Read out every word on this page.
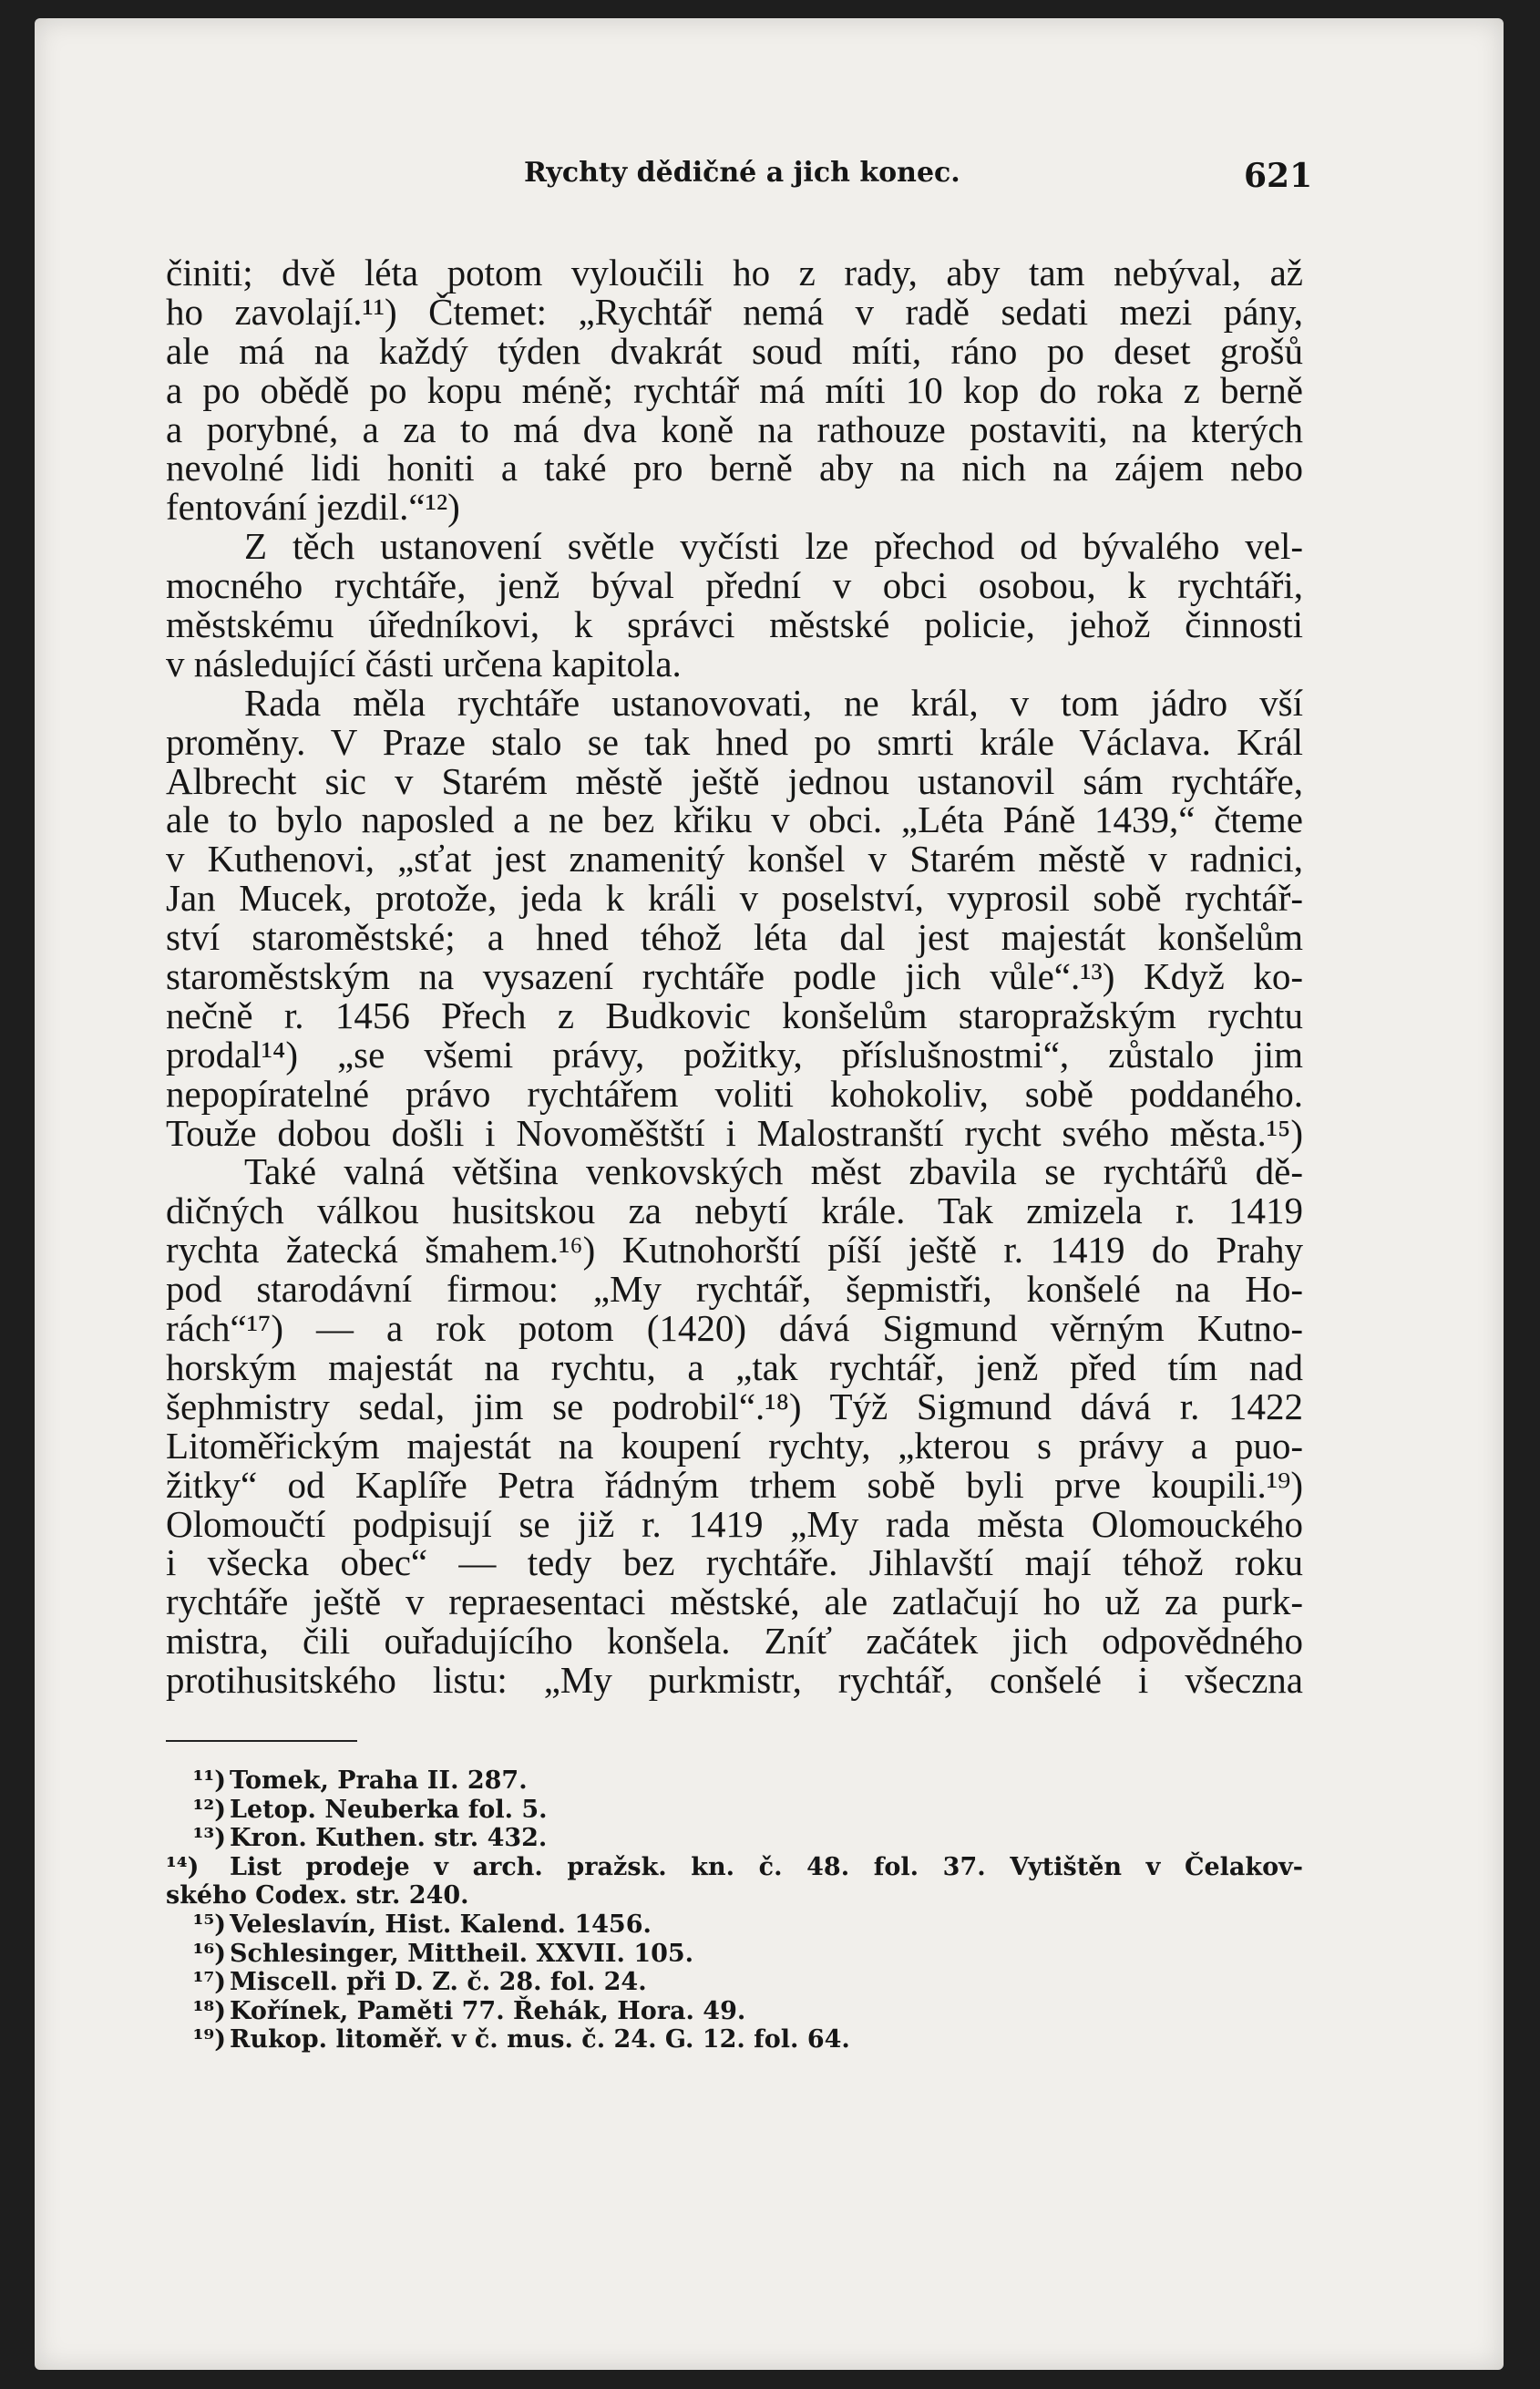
Rychty dědičné a jich konec.	621
činiti; dvě léta potom vyloučili ho z rady, aby tam nebýval, až
ho zavolají.¹¹) Čtemet: „Rychtář nemá v radě sedati mezi pány,
ale má na každý týden dvakrát soud míti, ráno po deset grošů
a po obědě po kopu méně; rychtář má míti 10 kop do roka z berně
a porybné, a za to má dva koně na rathouze postaviti, na kterých
nevolné lidi honiti a také pro berně aby na nich na zájem nebo
fentování jezdil.“¹²)
Z těch ustanovení světle vyčísti lze přechod od bývalého vel-
mocného rychtáře, jenž býval přední v obci osobou, k rychtáři,
městskému úředníkovi, k správci městské policie, jehož činnosti
v následující části určena kapitola.
Rada měla rychtáře ustanovovati, ne král, v tom jádro vší
proměny. V Praze stalo se tak hned po smrti krále Václava. Král
Albrecht sic v Starém městě ještě jednou ustanovil sám rychtáře,
ale to bylo naposled a ne bez křiku v obci. „Léta Páně 1439,“ čteme
v Kuthenovi, „sťat jest znamenitý konšel v Starém městě v radnici,
Jan Mucek, protože, jeda k králi v poselství, vyprosil sobě rychtář-
ství staroměstské; a hned téhož léta dal jest majestát konšelům
staroměstským na vysazení rychtáře podle jich vůle“.¹³) Když ko-
nečně r. 1456 Přech z Budkovic konšelům staropražským rychtu
prodal¹⁴) „se všemi právy, požitky, příslušnostmi“, zůstalo jim
nepopíratelné právo rychtářem voliti kohokoliv, sobě poddaného.
Touže dobou došli i Novoměštští i Malostranští rycht svého města.¹⁵)
Také valná většina venkovských měst zbavila se rychtářů dě-
dičných válkou husitskou za nebytí krále. Tak zmizela r. 1419
rychta žatecká šmahem.¹⁶) Kutnohorští píší ještě r. 1419 do Prahy
pod starodávní firmou: „My rychtář, šepmistři, konšelé na Ho-
rách“¹⁷) — a rok potom (1420) dává Sigmund věrným Kutno-
horským majestát na rychtu, a „tak rychtář, jenž před tím nad
šephmistry sedal, jim se podrobil“.¹⁸) Týž Sigmund dává r. 1422
Litoměřickým majestát na koupení rychty, „kterou s právy a puo-
žitky“ od Kaplíře Petra řádným trhem sobě byli prve koupili.¹⁹)
Olomoučtí podpisují se již r. 1419 „My rada města Olomouckého
i všecka obec“ — tedy bez rychtáře. Jihlavští mají téhož roku
rychtáře ještě v repraesentaci městské, ale zatlačují ho už za purk-
mistra, čili ouřadujícího konšela. Zníť začátek jich odpovědného
protihusitského listu: „My purkmistr, rychtář, conšelé i všeczna
¹¹) Tomek, Praha II. 287.
¹²) Letop. Neuberka fol. 5.
¹³) Kron. Kuthen. str. 432.
¹⁴) List prodeje v arch. pražsk. kn. č. 48. fol. 37. Vytištěn v Čelakov-
ského Codex. str. 240.
¹⁵) Veleslavín, Hist. Kalend. 1456.
¹⁶) Schlesinger, Mittheil. XXVII. 105.
¹⁷) Miscell. při D. Z. č. 28. fol. 24.
¹⁸) Kořínek, Paměti 77. Řehák, Hora. 49.
¹⁹) Rukop. litoměř. v č. mus. č. 24. G. 12. fol. 64.
